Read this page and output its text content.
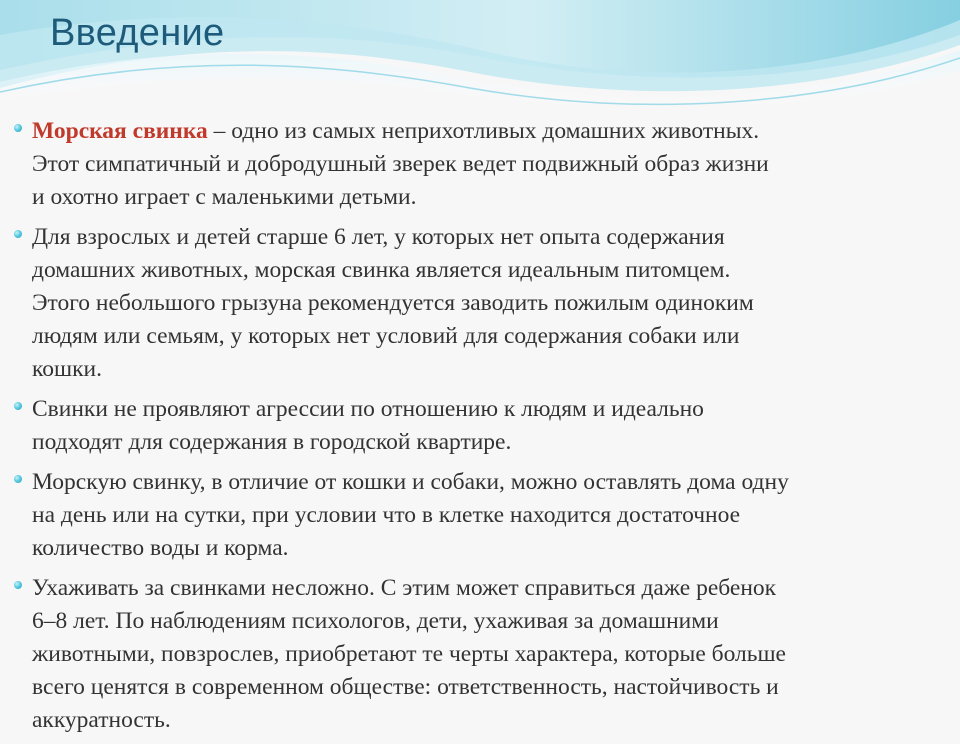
Введение

Морская свинка – одно из самых неприхотливых домашних животных.
Этот симпатичный и добродушный зверек ведет подвижный образ жизни
и охотно играет с маленькими детьми.

Для взрослых и детей старше 6 лет, у которых нет опыта содержания
домашних животных, морская свинка является идеальным питомцем.
Этого небольшого грызуна рекомендуется заводить пожилым одиноким
людям или семьям, у которых нет условий для содержания собаки или
кошки.

Свинки не проявляют агрессии по отношению к людям и идеально
подходят для содержания в городской квартире.

Морскую свинку, в отличие от кошки и собаки, можно оставлять дома одну
на день или на сутки, при условии что в клетке находится достаточное
количество воды и корма.

Ухаживать за свинками несложно. С этим может справиться даже ребенок
6–8 лет. По наблюдениям психологов, дети, ухаживая за домашними
животными, повзрослев, приобретают те черты характера, которые больше
всего ценятся в современном обществе: ответственность, настойчивость и
аккуратность.
